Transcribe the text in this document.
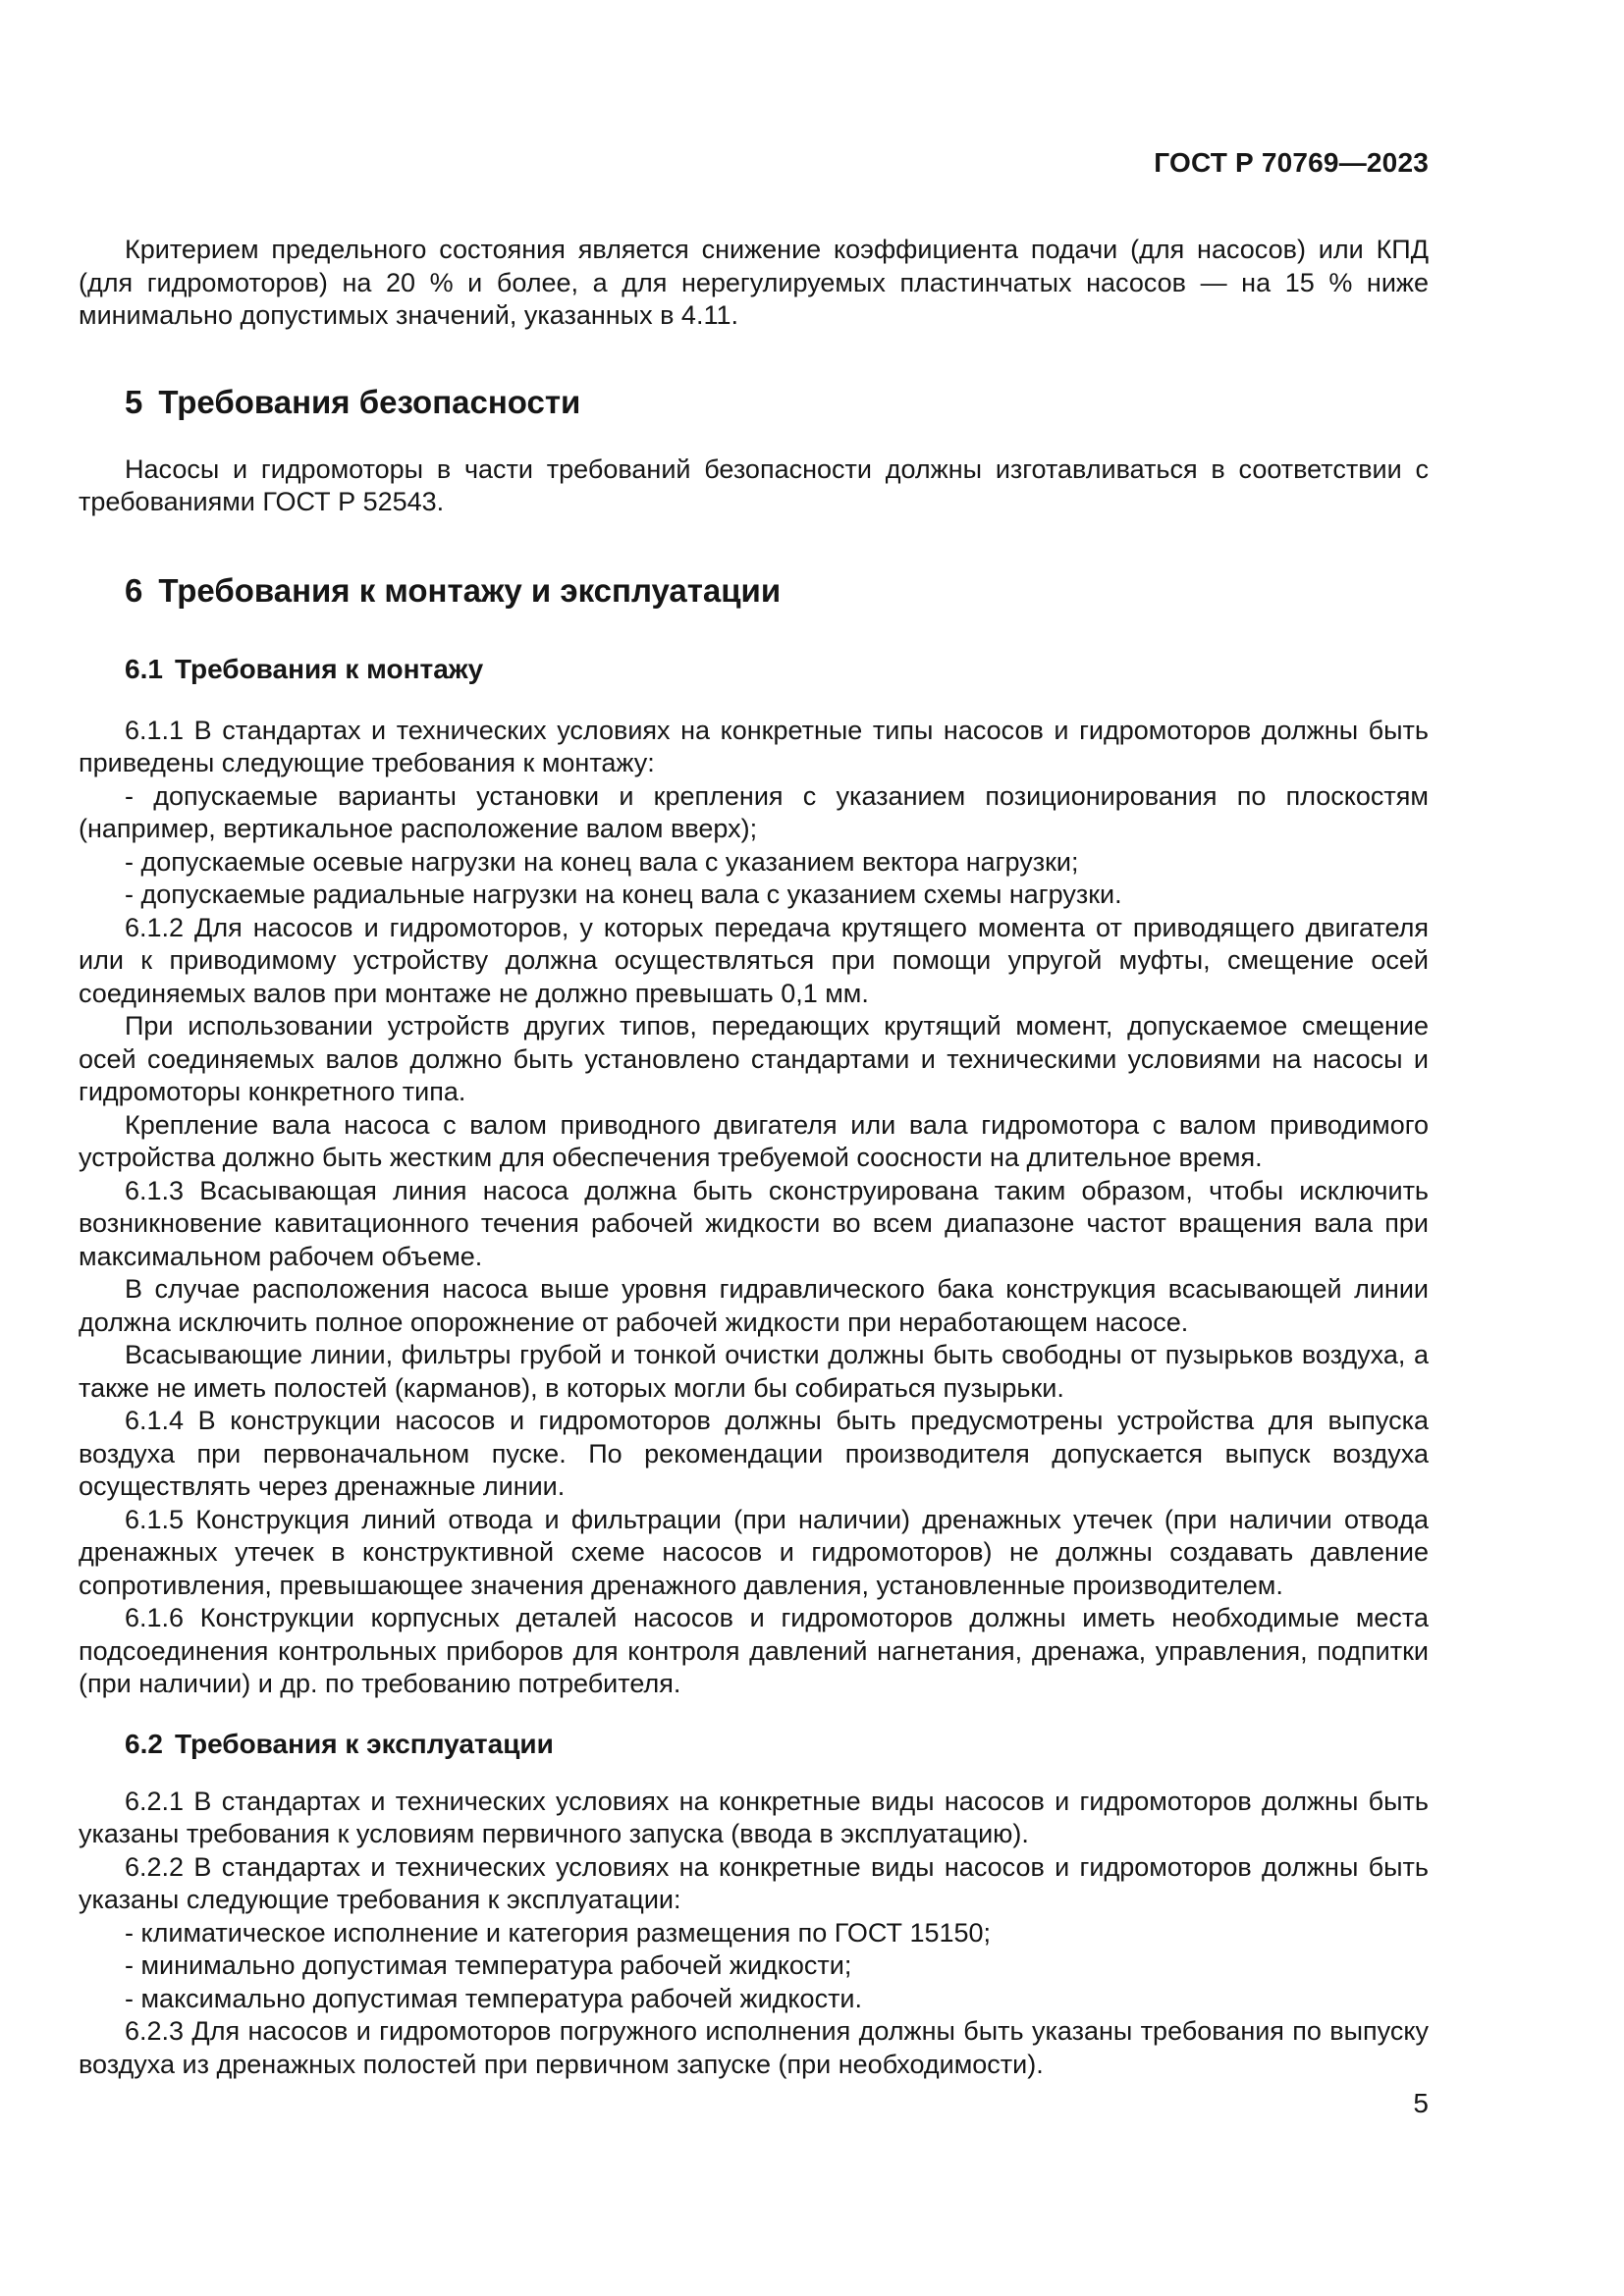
ГОСТ Р 70769—2023

Критерием предельного состояния является снижение коэффициента подачи (для насосов) или КПД (для гидромоторов) на 20 % и более, а для нерегулируемых пластинчатых насосов — на 15 % ниже минимально допустимых значений, указанных в 4.11.

5 Требования безопасности

Насосы и гидромоторы в части требований безопасности должны изготавливаться в соответствии с требованиями ГОСТ Р 52543.

6 Требования к монтажу и эксплуатации
6.1 Требования к монтажу

6.1.1 В стандартах и технических условиях на конкретные типы насосов и гидромоторов должны быть приведены следующие требования к монтажу:

- допускаемые варианты установки и крепления с указанием позиционирования по плоскостям (например, вертикальное расположение валом вверх);

- допускаемые осевые нагрузки на конец вала с указанием вектора нагрузки;

- допускаемые радиальные нагрузки на конец вала с указанием схемы нагрузки.

6.1.2 Для насосов и гидромоторов, у которых передача крутящего момента от приводящего двигателя или к приводимому устройству должна осуществляться при помощи упругой муфты, смещение осей соединяемых валов при монтаже не должно превышать 0,1 мм.

При использовании устройств других типов, передающих крутящий момент, допускаемое смещение осей соединяемых валов должно быть установлено стандартами и техническими условиями на насосы и гидромоторы конкретного типа.

Крепление вала насоса с валом приводного двигателя или вала гидромотора с валом приводимого устройства должно быть жестким для обеспечения требуемой соосности на длительное время.

6.1.3 Всасывающая линия насоса должна быть сконструирована таким образом, чтобы исключить возникновение кавитационного течения рабочей жидкости во всем диапазоне частот вращения вала при максимальном рабочем объеме.

В случае расположения насоса выше уровня гидравлического бака конструкция всасывающей линии должна исключить полное опорожнение от рабочей жидкости при неработающем насосе.

Всасывающие линии, фильтры грубой и тонкой очистки должны быть свободны от пузырьков воздуха, а также не иметь полостей (карманов), в которых могли бы собираться пузырьки.

6.1.4 В конструкции насосов и гидромоторов должны быть предусмотрены устройства для выпуска воздуха при первоначальном пуске. По рекомендации производителя допускается выпуск воздуха осуществлять через дренажные линии.

6.1.5 Конструкция линий отвода и фильтрации (при наличии) дренажных утечек (при наличии отвода дренажных утечек в конструктивной схеме насосов и гидромоторов) не должны создавать давление сопротивления, превышающее значения дренажного давления, установленные производителем.

6.1.6 Конструкции корпусных деталей насосов и гидромоторов должны иметь необходимые места подсоединения контрольных приборов для контроля давлений нагнетания, дренажа, управления, подпитки (при наличии) и др. по требованию потребителя.

6.2 Требования к эксплуатации

6.2.1 В стандартах и технических условиях на конкретные виды насосов и гидромоторов должны быть указаны требования к условиям первичного запуска (ввода в эксплуатацию).

6.2.2 В стандартах и технических условиях на конкретные виды насосов и гидромоторов должны быть указаны следующие требования к эксплуатации:

- климатическое исполнение и категория размещения по ГОСТ 15150;

- минимально допустимая температура рабочей жидкости;

- максимально допустимая температура рабочей жидкости.

6.2.3 Для насосов и гидромоторов погружного исполнения должны быть указаны требования по выпуску воздуха из дренажных полостей при первичном запуске (при необходимости).

5
